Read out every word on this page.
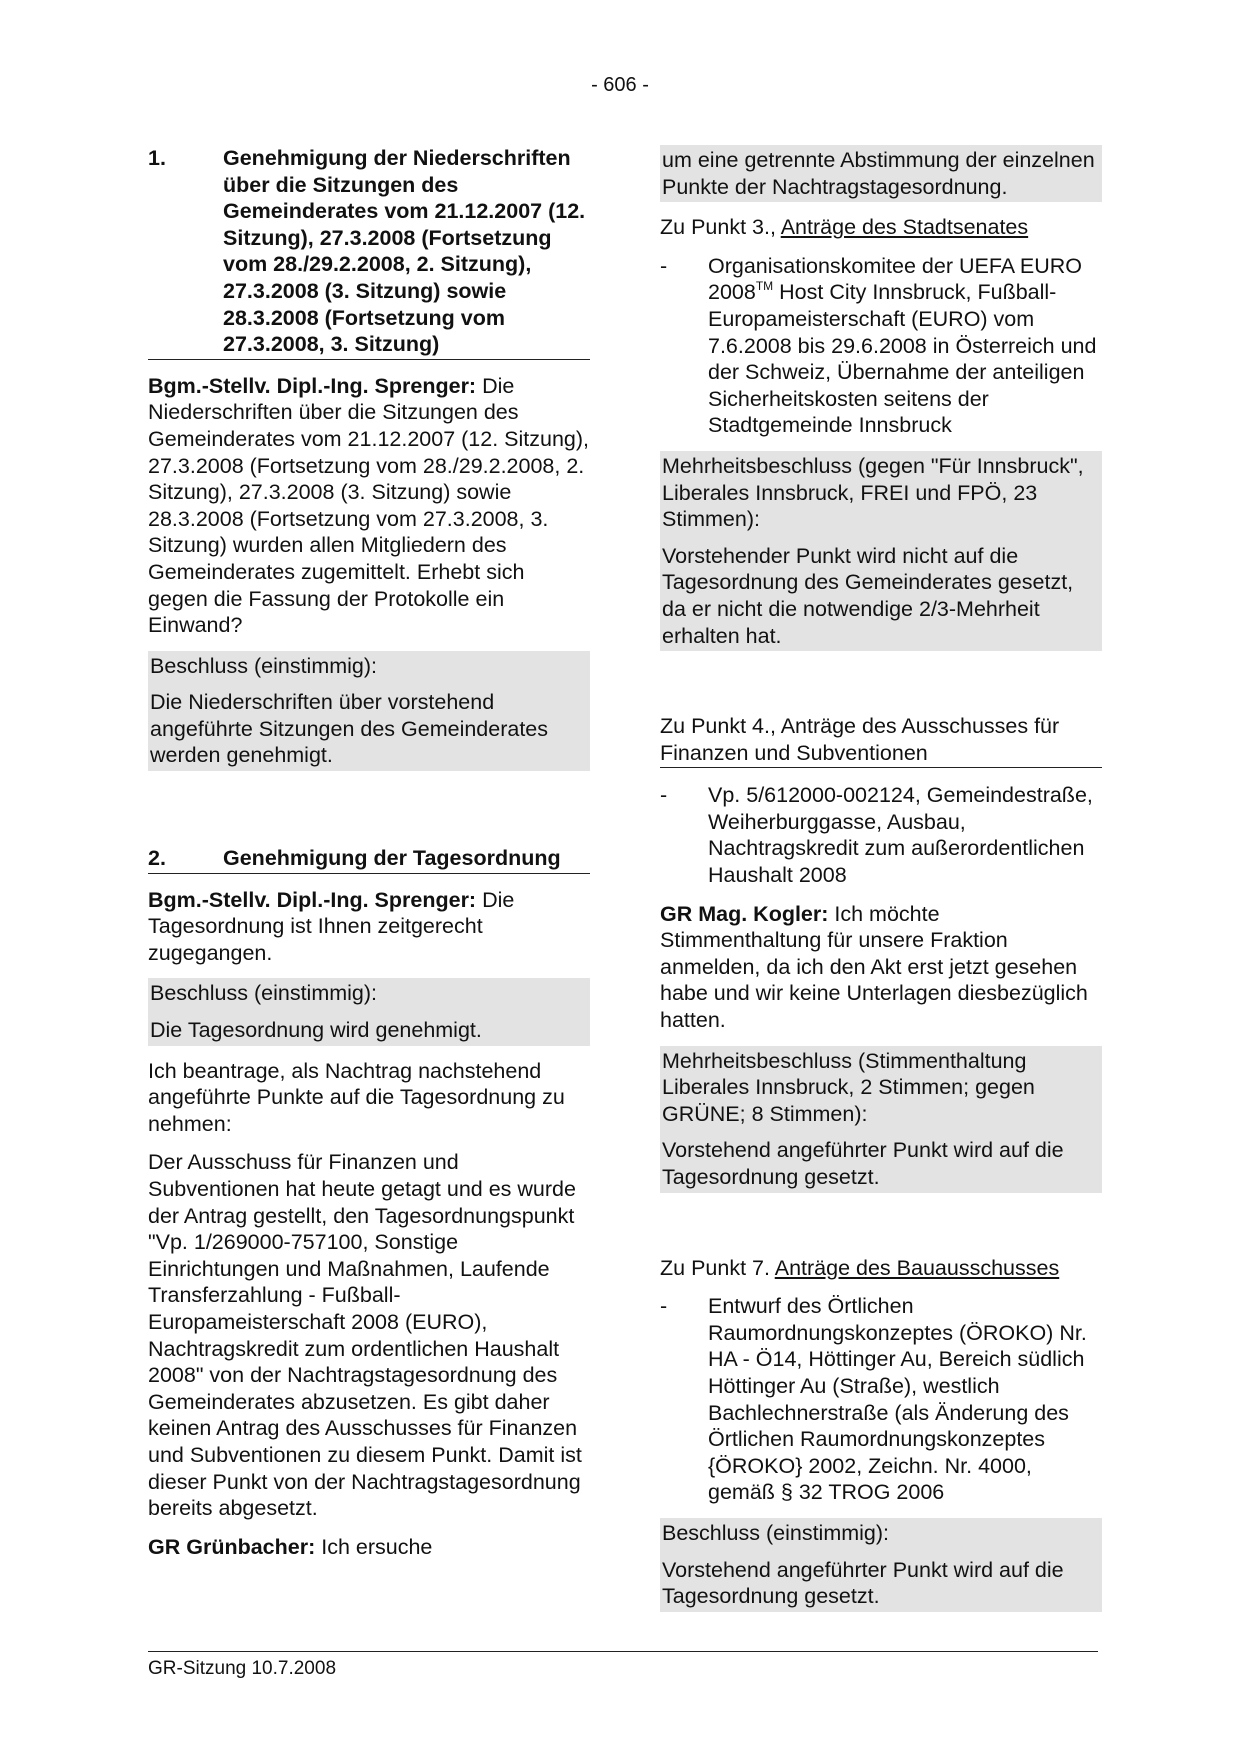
- 606 -
1.	Genehmigung der Niederschriften über die Sitzungen des Gemeinderates vom 21.12.2007 (12. Sitzung), 27.3.2008 (Fortsetzung vom 28./29.2.2008, 2. Sitzung), 27.3.2008 (3. Sitzung) sowie 28.3.2008 (Fortsetzung vom 27.3.2008, 3. Sitzung)

Bgm.-Stellv. Dipl.-Ing. Sprenger: Die Niederschriften über die Sitzungen des Gemeinderates vom 21.12.2007 (12. Sitzung), 27.3.2008 (Fortsetzung vom 28./29.2.2008, 2. Sitzung), 27.3.2008 (3. Sitzung) sowie 28.3.2008 (Fortsetzung vom 27.3.2008, 3. Sitzung) wurden allen Mitgliedern des Gemeinderates zugemittelt. Erhebt sich gegen die Fassung der Protokolle ein Einwand?

Beschluss (einstimmig):

Die Niederschriften über vorstehend angeführte Sitzungen des Gemeinderates werden genehmigt.

2.	Genehmigung der Tagesordnung

Bgm.-Stellv. Dipl.-Ing. Sprenger: Die Tagesordnung ist Ihnen zeitgerecht zugegangen.

Beschluss (einstimmig):

Die Tagesordnung wird genehmigt.

Ich beantrage, als Nachtrag nachstehend angeführte Punkte auf die Tagesordnung zu nehmen:

Der Ausschuss für Finanzen und Subventionen hat heute getagt und es wurde der Antrag gestellt, den Tagesordnungspunkt "Vp. 1/269000-757100, Sonstige Einrichtungen und Maßnahmen, Laufende Transferzahlung - Fußball-Europameisterschaft 2008 (EURO), Nachtragskredit zum ordentlichen Haushalt 2008" von der Nachtragstagesordnung des Gemeinderates abzusetzen. Es gibt daher keinen Antrag des Ausschusses für Finanzen und Subventionen zu diesem Punkt. Damit ist dieser Punkt von der Nachtragstagesordnung bereits abgesetzt.

GR Grünbacher: Ich ersuche

um eine getrennte Abstimmung der einzelnen Punkte der Nachtragstagesordnung.

Zu Punkt 3., Anträge des Stadtsenates

-	Organisationskomitee der UEFA EURO 2008™ Host City Innsbruck, Fußball-Europameisterschaft (EURO) vom 7.6.2008 bis 29.6.2008 in Österreich und der Schweiz, Übernahme der anteiligen Sicherheitskosten seitens der Stadtgemeinde Innsbruck

Mehrheitsbeschluss (gegen "Für Innsbruck", Liberales Innsbruck, FREI und FPÖ, 23 Stimmen):

Vorstehender Punkt wird nicht auf die Tagesordnung des Gemeinderates gesetzt, da er nicht die notwendige 2/3-Mehrheit erhalten hat.

Zu Punkt 4., Anträge des Ausschusses für Finanzen und Subventionen
-	Vp. 5/612000-002124, Gemeindestraße, Weiherburggasse, Ausbau, Nachtragskredit zum außerordentlichen Haushalt 2008

GR Mag. Kogler: Ich möchte Stimmenthaltung für unsere Fraktion anmelden, da ich den Akt erst jetzt gesehen habe und wir keine Unterlagen diesbezüglich hatten.

Mehrheitsbeschluss (Stimmenthaltung Liberales Innsbruck, 2 Stimmen; gegen GRÜNE; 8 Stimmen):

Vorstehend angeführter Punkt wird auf die Tagesordnung gesetzt.

Zu Punkt 7. Anträge des Bauausschusses

-	Entwurf des Örtlichen Raumordnungskonzeptes (ÖROKO) Nr. HA - Ö14, Höttinger Au, Bereich südlich Höttinger Au (Straße), westlich Bachlechnerstraße (als Änderung des Örtlichen Raumordnungskonzeptes {ÖROKO} 2002, Zeichn. Nr. 4000, gemäß § 32 TROG 2006

Beschluss (einstimmig):

Vorstehend angeführter Punkt wird auf die Tagesordnung gesetzt.

GR-Sitzung 10.7.2008
